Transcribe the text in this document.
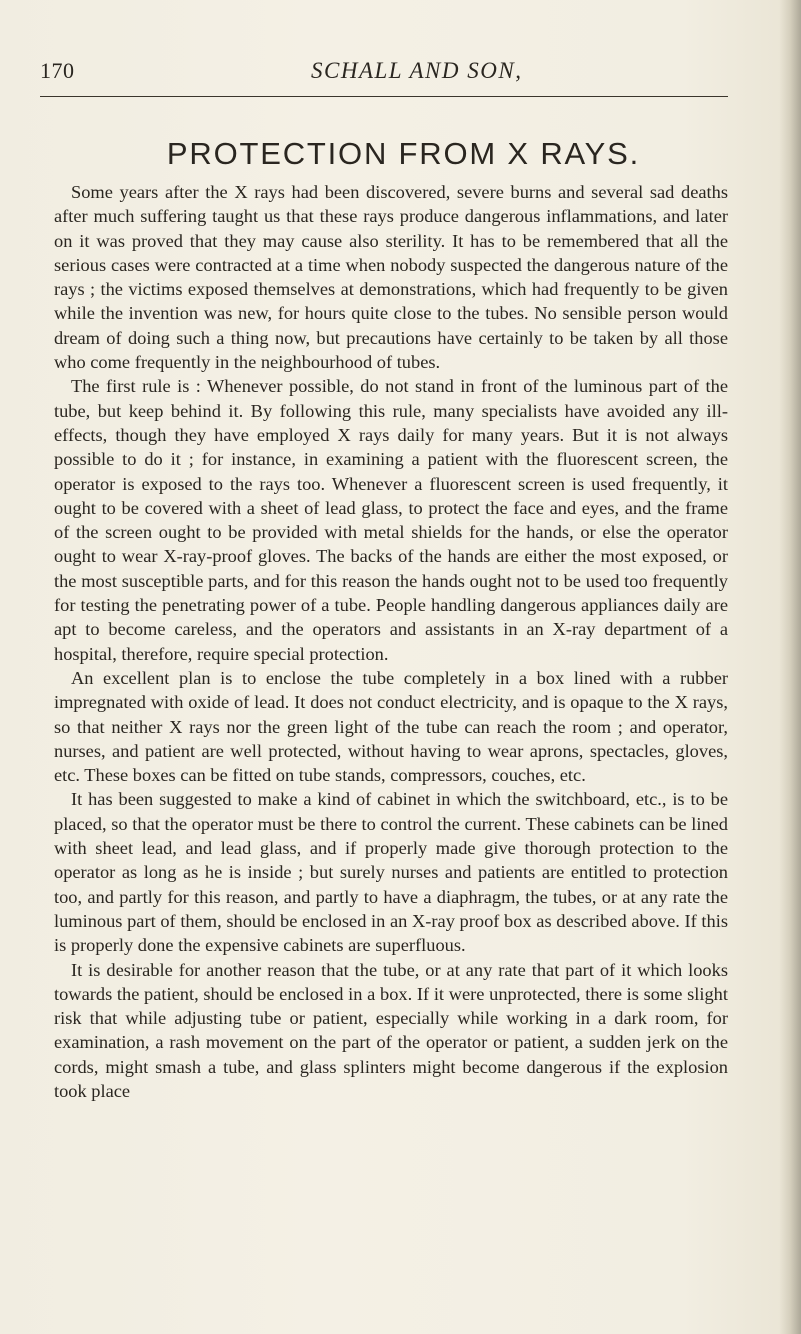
170	SCHALL AND SON,
PROTECTION FROM X RAYS.

Some years after the X rays had been discovered, severe burns and several sad deaths after much suffering taught us that these rays produce dangerous inflammations, and later on it was proved that they may cause also sterility. It has to be remembered that all the serious cases were contracted at a time when nobody suspected the dangerous nature of the rays ; the victims exposed themselves at demonstrations, which had frequently to be given while the invention was new, for hours quite close to the tubes. No sensible person would dream of doing such a thing now, but precautions have certainly to be taken by all those who come frequently in the neighbourhood of tubes.

The first rule is : Whenever possible, do not stand in front of the luminous part of the tube, but keep behind it. By following this rule, many specialists have avoided any ill-effects, though they have employed X rays daily for many years. But it is not always possible to do it ; for instance, in examining a patient with the fluorescent screen, the operator is exposed to the rays too. Whenever a fluorescent screen is used frequently, it ought to be covered with a sheet of lead glass, to protect the face and eyes, and the frame of the screen ought to be provided with metal shields for the hands, or else the operator ought to wear X-ray-proof gloves. The backs of the hands are either the most exposed, or the most susceptible parts, and for this reason the hands ought not to be used too frequently for testing the penetrating power of a tube. People handling dangerous appliances daily are apt to become careless, and the operators and assistants in an X-ray department of a hospital, therefore, require special protection.

An excellent plan is to enclose the tube completely in a box lined with a rubber impregnated with oxide of lead. It does not conduct electricity, and is opaque to the X rays, so that neither X rays nor the green light of the tube can reach the room ; and operator, nurses, and patient are well protected, without having to wear aprons, spectacles, gloves, etc. These boxes can be fitted on tube stands, compressors, couches, etc.

It has been suggested to make a kind of cabinet in which the switchboard, etc., is to be placed, so that the operator must be there to control the current. These cabinets can be lined with sheet lead, and lead glass, and if properly made give thorough protection to the operator as long as he is inside ; but surely nurses and patients are entitled to protection too, and partly for this reason, and partly to have a diaphragm, the tubes, or at any rate the luminous part of them, should be enclosed in an X-ray proof box as described above. If this is properly done the expensive cabinets are superfluous.

It is desirable for another reason that the tube, or at any rate that part of it which looks towards the patient, should be enclosed in a box. If it were unprotected, there is some slight risk that while adjusting tube or patient, especially while working in a dark room, for examination, a rash movement on the part of the operator or patient, a sudden jerk on the cords, might smash a tube, and glass splinters might become dangerous if the explosion took place
